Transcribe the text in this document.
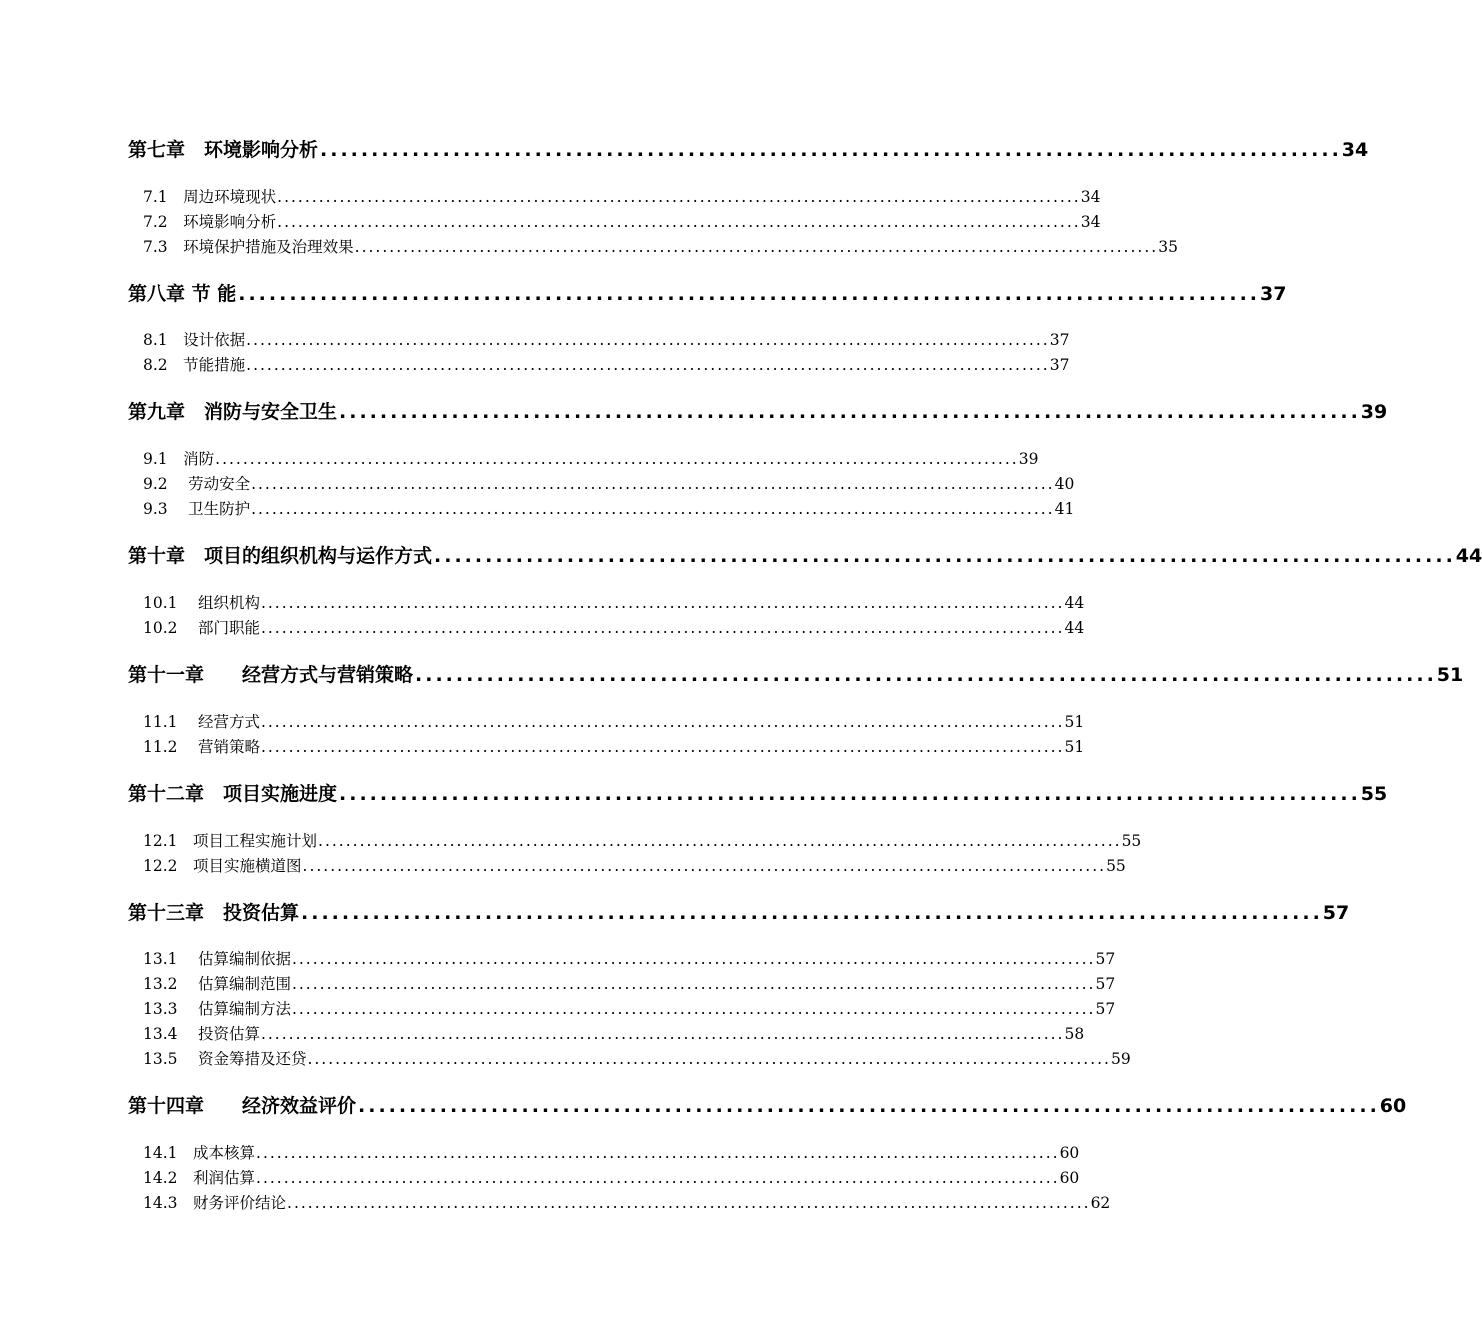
第七章　环境影响分析 .................................................................................................... 34
7.1　周边环境现状 .................................................................................................................... 34
7.2　环境影响分析 .................................................................................................................... 34
7.3　环境保护措施及治理效果 .................................................................................................................... 35
第八章 节 能 .................................................................................................... 37
8.1　设计依据 .................................................................................................................... 37
8.2　节能措施 .................................................................................................................... 37
第九章　消防与安全卫生 .................................................................................................... 39
9.1　消防 .................................................................................................................... 39
9.2　 劳动安全 .................................................................................................................... 40
9.3　 卫生防护 .................................................................................................................... 41
第十章　项目的组织机构与运作方式 .................................................................................................... 44
10.1　 组织机构 .................................................................................................................... 44
10.2　 部门职能 .................................................................................................................... 44
第十一章　　经营方式与营销策略 .................................................................................................... 51
11.1　 经营方式 .................................................................................................................... 51
11.2　 营销策略 .................................................................................................................... 51
第十二章　项目实施进度 .................................................................................................... 55
12.1　项目工程实施计划 .................................................................................................................... 55
12.2　项目实施横道图 .................................................................................................................... 55
第十三章　投资估算 .................................................................................................... 57
13.1　 估算编制依据 .................................................................................................................... 57
13.2　 估算编制范围 .................................................................................................................... 57
13.3　 估算编制方法 .................................................................................................................... 57
13.4　 投资估算 .................................................................................................................... 58
13.5　 资金筹措及还贷 .................................................................................................................... 59
第十四章　　经济效益评价 .................................................................................................... 60
14.1　成本核算 .................................................................................................................... 60
14.2　利润估算 .................................................................................................................... 60
14.3　财务评价结论 .................................................................................................................... 62
